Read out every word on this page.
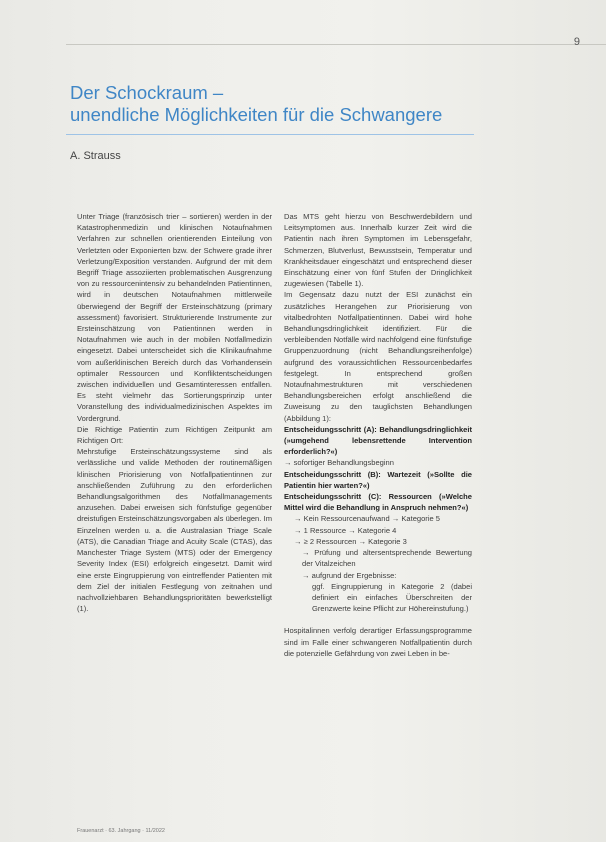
9
Der Schockraum –
unendliche Möglichkeiten für die Schwangere
A. Strauss

Unter Triage (französisch trier – sortieren) werden in der Katastrophenmedizin und klinischen Notaufnahmen Verfahren zur schnellen orientierenden Einteilung von Verletzten oder Exponierten bzw. der Schwere grade ihrer Verletzung/Exposition verstanden. Aufgrund der mit dem Begriff Triage assoziierten problematischen Ausgrenzung von zu ressourcenintensiv zu behandelnden Patientinnen, wird in deutschen Notaufnahmen mittlerweile überwiegend der Begriff der Ersteinschätzung (primary assessment) favorisiert. Strukturierende Instrumente zur Ersteinschätzung von Patientinnen werden in Notaufnahmen wie auch in der mobilen Notfallmedizin eingesetzt. Dabei unterscheidet sich die Klinikaufnahme vom außerklinischen Bereich durch das Vorhandensein optimaler Ressourcen und Konfliktentscheidungen zwischen individuellen und Gesamtinteressen entfallen. Es steht vielmehr das Sortierungsprinzip unter Voranstellung des individualmedizinischen Aspektes im Vordergrund.

Die Richtige Patientin zum Richtigen Zeitpunkt am Richtigen Ort:

Mehrstufige Ersteinschätzungssysteme sind als verlässliche und valide Methoden der routinemäßigen klinischen Priorisierung von Notfallpatientinnen zur anschließenden Zuführung zu den erforderlichen Behandlungsalgorithmen des Notfallmanagements anzusehen. Dabei erweisen sich fünfstufige gegenüber dreistufigen Ersteinschätzungsvorgaben als überlegen. Im Einzelnen werden u. a. die Australasian Triage Scale (ATS), die Canadian Triage and Acuity Scale (CTAS), das Manchester Triage System (MTS) oder der Emergency Severity Index (ESI) erfolgreich eingesetzt. Damit wird eine erste Eingruppierung von eintreffender Patienten mit dem Ziel der initialen Festlegung von zeitnahen und nachvollziehbaren Behandlungsprioritäten bewerkstelligt (1).

Das MTS geht hierzu von Beschwerdebildern und Leitsymptomen aus. Innerhalb kurzer Zeit wird die Patientin nach ihren Symptomen im Lebensgefahr, Schmerzen, Blutverlust, Bewusstsein, Temperatur und Krankheitsdauer eingeschätzt und entsprechend dieser Einschätzung einer von fünf Stufen der Dringlichkeit zugewiesen (Tabelle 1).

Im Gegensatz dazu nutzt der ESI zunächst ein zusätzliches Herangehen zur Priorisierung von vitalbedrohten Notfallpatientinnen. Dabei wird hohe Behandlungsdringlichkeit identifiziert. Für die verbleibenden Notfälle wird nachfolgend eine fünfstufige Gruppenzuordnung (nicht Behandlungsreihenfolge) aufgrund des voraussichtlichen Ressourcenbedarfes festgelegt. In entsprechend großen Notaufnahmestrukturen mit verschiedenen Behandlungsbereichen erfolgt anschließend die Zuweisung zu den tauglichsten Behandlungen (Abbildung 1):

Entscheidungsschritt (A): Behandlungsdringlichkeit (»umgehend lebensrettende Intervention erforderlich?«)

→ sofortiger Behandlungsbeginn

Entscheidungsschritt (B): Wartezeit (»Sollte die Patientin hier warten?«)

Entscheidungsschritt (C): Ressourcen (»Welche Mittel wird die Behandlung in Anspruch nehmen?«)

→ Kein Ressourcenaufwand → Kategorie 5

→ 1 Ressource → Kategorie 4

→ ≥ 2 Ressourcen → Kategorie 3

→ Prüfung und altersentsprechende Bewertung der Vitalzeichen

→ aufgrund der Ergebnisse:

ggf. Eingruppierung in Kategorie 2 (dabei definiert ein einfaches Überschreiten der Grenzwerte keine Pflicht zur Höhereinstufung.)

Hospitalinnen verfolg derartiger Erfassungsprogramme sind im Falle einer schwangeren Notfallpatientin durch die potenzielle Gefährdung von zwei Leben in be-

Frauenarzt · 63. Jahrgang · 11/2022
